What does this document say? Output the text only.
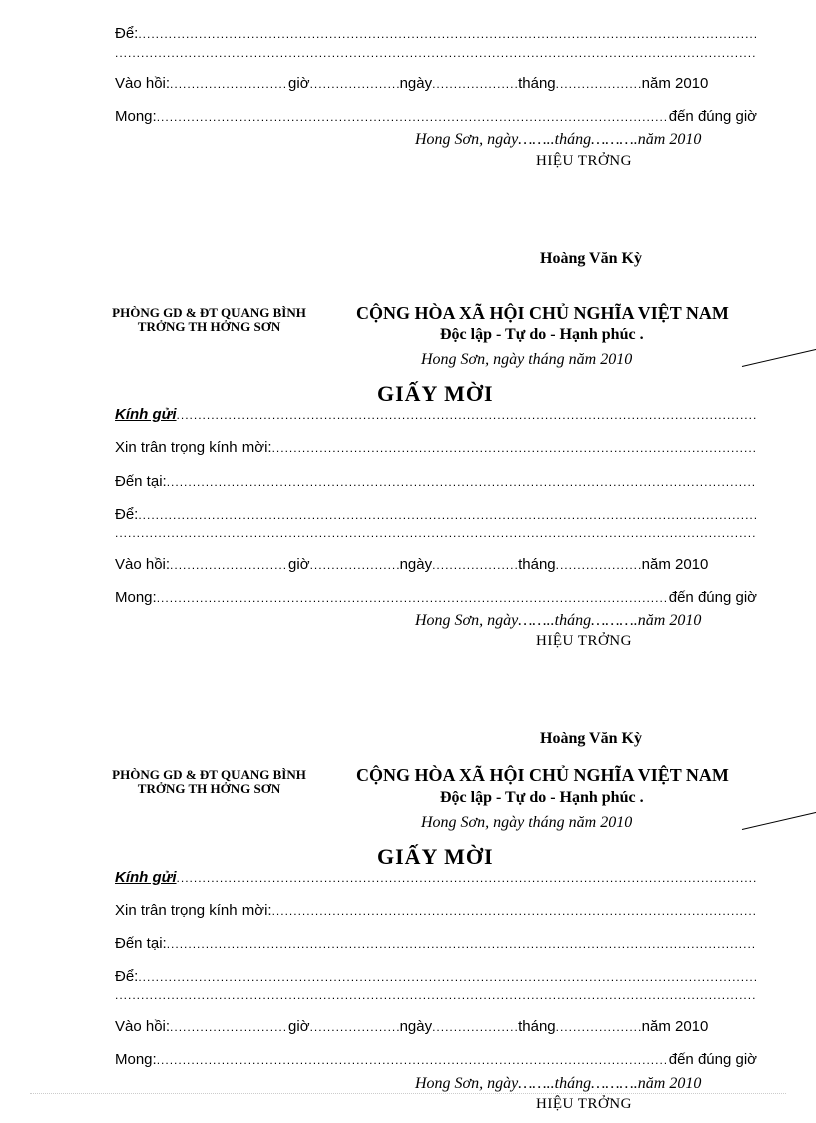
Để:
.....
.....
Vào hồi: .....	giờ .....	ngày .....	tháng .....	năm 2010
Mong: .....	đến đúng giờ
Hong Sơn, ngày……..tháng……….năm 2010
HIỆU TRỞNG
Hoàng Văn Kỳ
PHÒNG GD & ĐT QUANG BÌNH
TRỞNG TH HỞNG SƠN
CỘNG HÒA XÃ HỘI CHỦ NGHĨA VIỆT NAM
Độc lập - Tự do - Hạnh phúc .
Hong Sơn, ngày tháng năm 2010
GIẤY MỜI
Kính gửi
.....
Xin trân trọng kính mời:
.....
Đến tại:
.....
Để:
.....
.....
Vào hồi: .....	giờ .....	ngày .....	tháng .....	năm 2010
Mong: .....	đến đúng giờ
Hong Sơn, ngày……..tháng……….năm 2010
HIỆU TRỞNG
Hoàng Văn Kỳ
PHÒNG GD & ĐT QUANG BÌNH
TRỞNG TH HỞNG SƠN
CỘNG HÒA XÃ HỘI CHỦ NGHĨA VIỆT NAM
Độc lập - Tự do - Hạnh phúc .
Hong Sơn, ngày tháng năm 2010
GIẤY MỜI
Kính gửi
.....
Xin trân trọng kính mời:
.....
Đến tại:
.....
Để:
.....
.....
Vào hồi: .....	giờ .....	ngày .....	tháng .....	năm 2010
Mong: .....	đến đúng giờ
Hong Sơn, ngày……..tháng……….năm 2010
HIỆU TRỞNG
